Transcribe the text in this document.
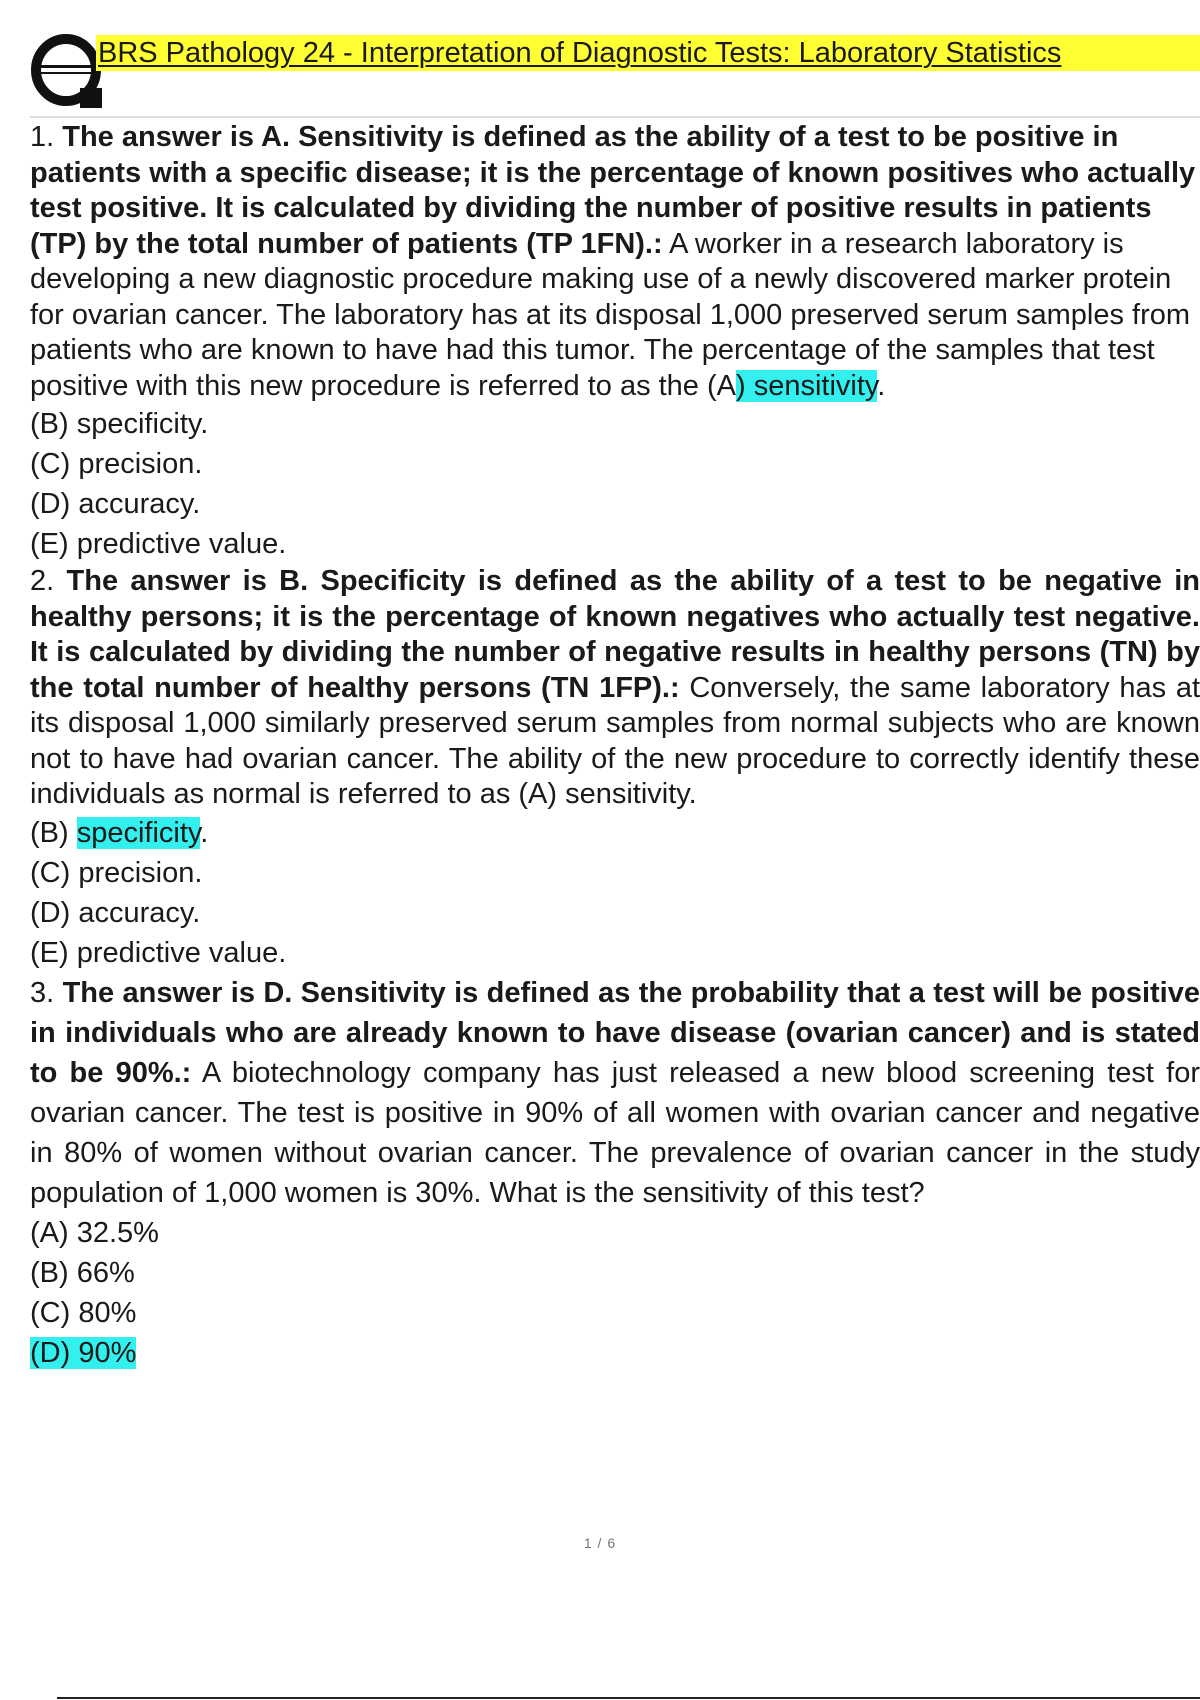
BRS Pathology 24 - Interpretation of Diagnostic Tests: Laboratory Statistics

1. The answer is A. Sensitivity is defined as the ability of a test to be positive in patients with a specific disease; it is the percentage of known positives who actually test positive. It is calculated by dividing the number of positive results in patients (TP) by the total number of patients (TP 1FN).: A worker in a research laboratory is developing a new diagnostic procedure making use of a newly discovered marker protein for ovarian cancer. The laboratory has at its disposal 1,000 preserved serum samples from patients who are known to have had this tumor. The percentage of the samples that test positive with this new procedure is referred to as the (A) sensitivity.

(B) specificity.
(C) precision.
(D) accuracy.
(E) predictive value.

2. The answer is B. Specificity is defined as the ability of a test to be negative in healthy persons; it is the percentage of known negatives who actually test negative. It is calculated by dividing the number of negative results in healthy persons (TN) by the total number of healthy persons (TN 1FP).: Conversely, the same laboratory has at its disposal 1,000 similarly preserved serum samples from normal subjects who are known not to have had ovarian cancer. The ability of the new procedure to correctly identify these individuals as normal is referred to as (A) sensitivity.

(B) specificity.
(C) precision.
(D) accuracy.
(E) predictive value.

3. The answer is D. Sensitivity is defined as the probability that a test will be positive in individuals who are already known to have disease (ovarian cancer) and is stated to be 90%.: A biotechnology company has just released a new blood screening test for ovarian cancer. The test is positive in 90% of all women with ovarian cancer and negative in 80% of women without ovarian cancer. The prevalence of ovarian cancer in the study population of 1,000 women is 30%. What is the sensitivity of this test?

(A) 32.5%
(B) 66%
(C) 80%
(D) 90%
1 / 6
